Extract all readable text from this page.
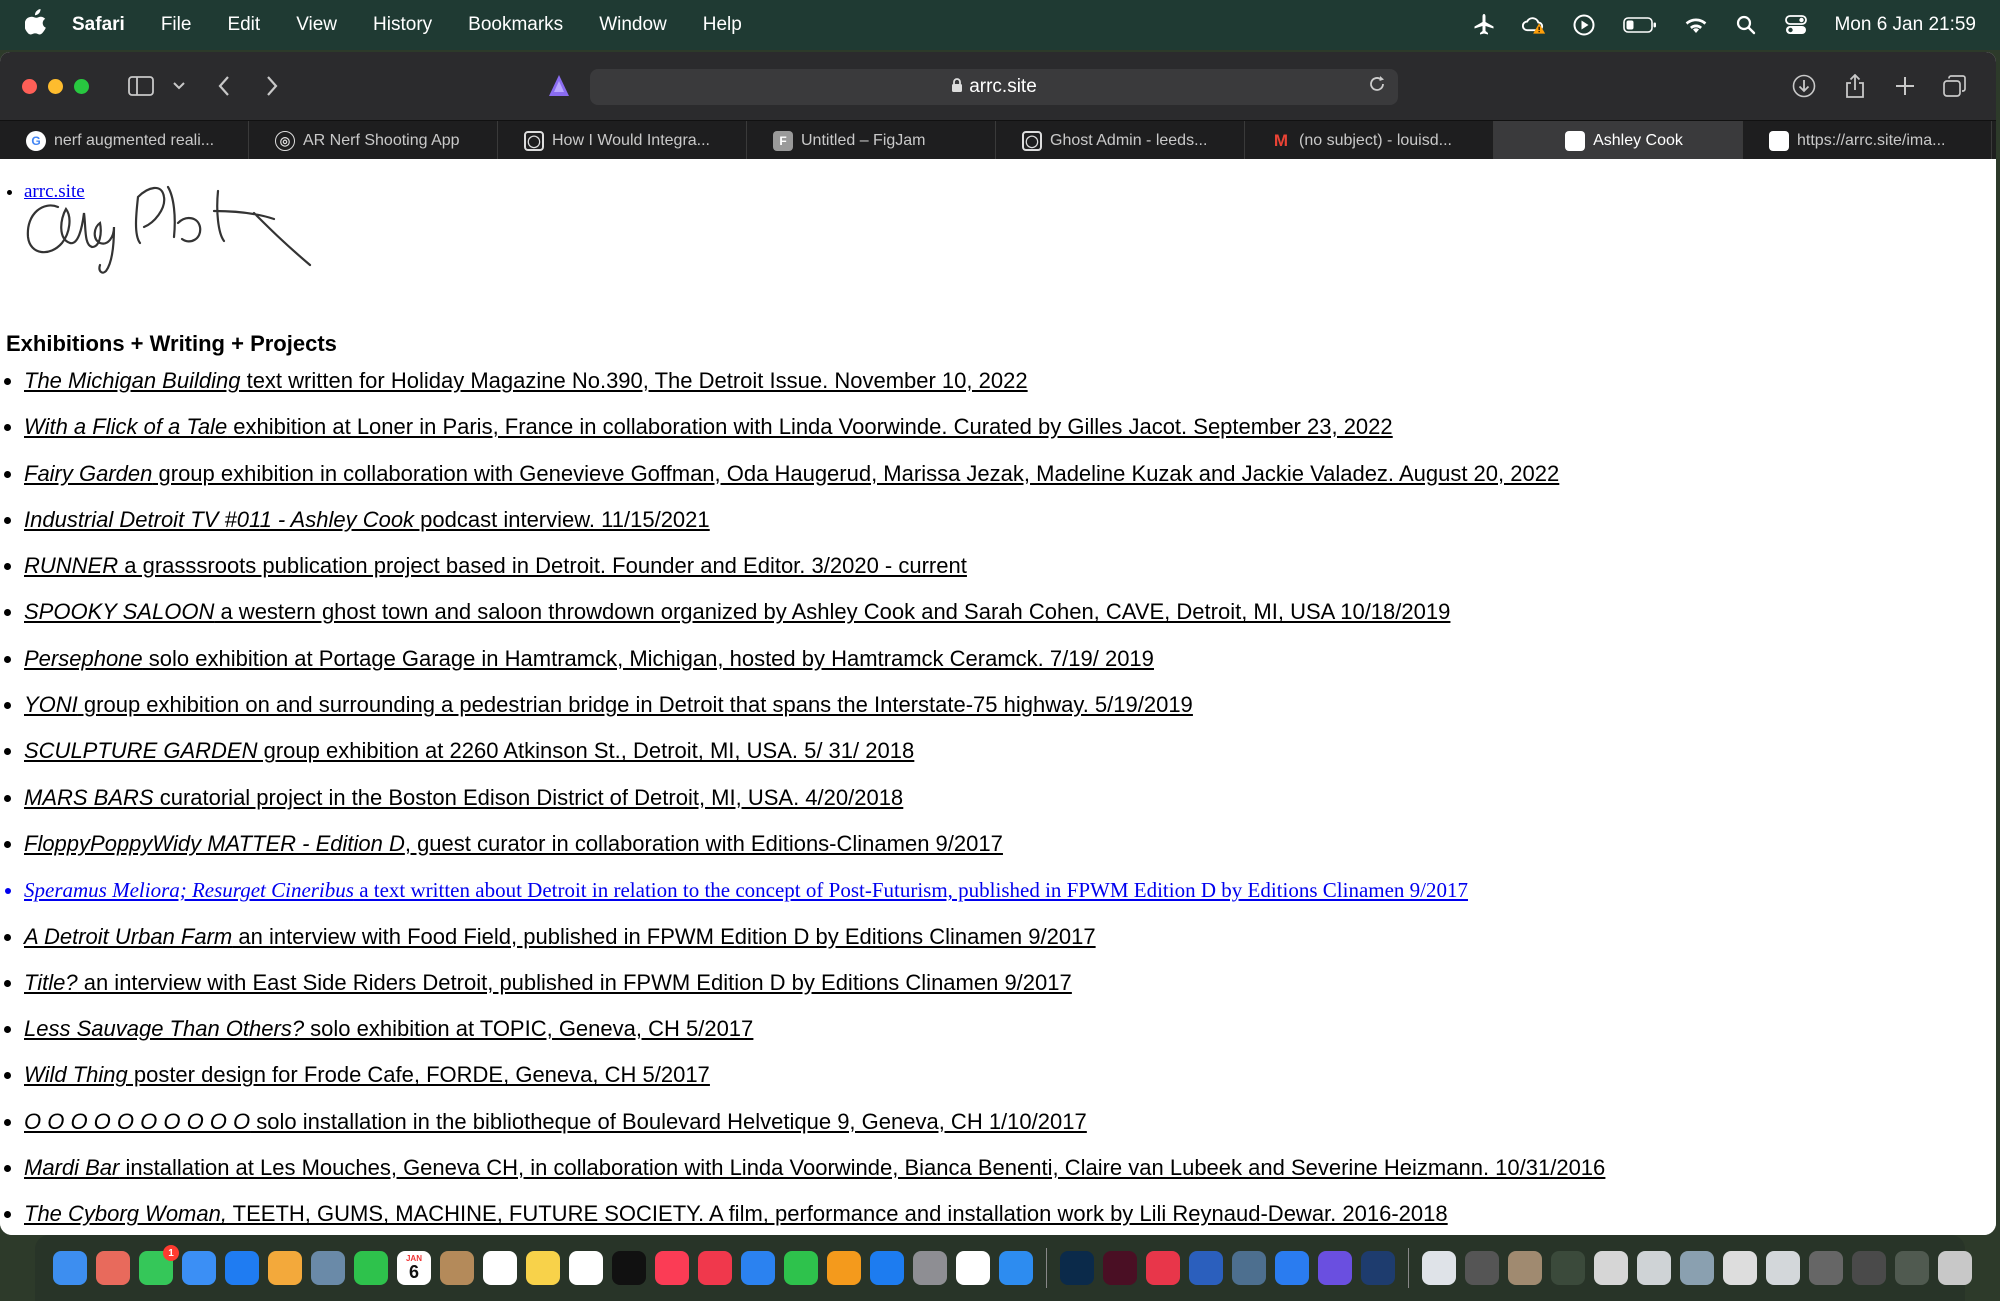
Safari	File	Edit	View	History	Bookmarks	Window	Help	Mon 6 Jan 21:59
arrc.site
G nerf augmented reali...	◎ AR Nerf Shooting App	◯ How I Would Integra...	F Untitled – FigJam	◯ Ghost Admin - leeds...	M (no subject) - louisd...	Ashley Cook	https://arrc.site/ima...
• arrc.site
Exhibitions + Writing + Projects
• The Michigan Building text written for Holiday Magazine No.390, The Detroit Issue. November 10, 2022
• With a Flick of a Tale exhibition at Loner in Paris, France in collaboration with Linda Voorwinde. Curated by Gilles Jacot. September 23, 2022
• Fairy Garden group exhibition in collaboration with Genevieve Goffman, Oda Haugerud, Marissa Jezak, Madeline Kuzak and Jackie Valadez. August 20, 2022
• Industrial Detroit TV #011 - Ashley Cook podcast interview. 11/15/2021
• RUNNER a grasssroots publication project based in Detroit. Founder and Editor. 3/2020 - current
• SPOOKY SALOON a western ghost town and saloon throwdown organized by Ashley Cook and Sarah Cohen, CAVE, Detroit, MI, USA 10/18/2019
• Persephone solo exhibition at Portage Garage in Hamtramck, Michigan, hosted by Hamtramck Ceramck. 7/19/ 2019
• YONI group exhibition on and surrounding a pedestrian bridge in Detroit that spans the Interstate-75 highway. 5/19/2019
• SCULPTURE GARDEN group exhibition at 2260 Atkinson St., Detroit, MI, USA. 5/ 31/ 2018
• MARS BARS curatorial project in the Boston Edison District of Detroit, MI, USA. 4/20/2018
• FloppyPoppyWidy MATTER - Edition D, guest curator in collaboration with Editions-Clinamen 9/2017
• Speramus Meliora; Resurget Cineribus a text written about Detroit in relation to the concept of Post-Futurism, published in FPWM Edition D by Editions Clinamen 9/2017
• A Detroit Urban Farm an interview with Food Field, published in FPWM Edition D by Editions Clinamen 9/2017
• Title? an interview with East Side Riders Detroit, published in FPWM Edition D by Editions Clinamen 9/2017
• Less Sauvage Than Others? solo exhibition at TOPIC, Geneva, CH 5/2017
• Wild Thing poster design for Frode Cafe, FORDE, Geneva, CH 5/2017
• O O O O O O O O O O solo installation in the bibliotheque of Boulevard Helvetique 9, Geneva, CH 1/10/2017
• Mardi Bar installation at Les Mouches, Geneva CH, in collaboration with Linda Voorwinde, Bianca Benenti, Claire van Lubeek and Severine Heizmann. 10/31/2016
• The Cyborg Woman, TEETH, GUMS, MACHINE, FUTURE SOCIETY. A film, performance and installation work by Lili Reynaud-Dewar. 2016-2018
1	JAN
6
